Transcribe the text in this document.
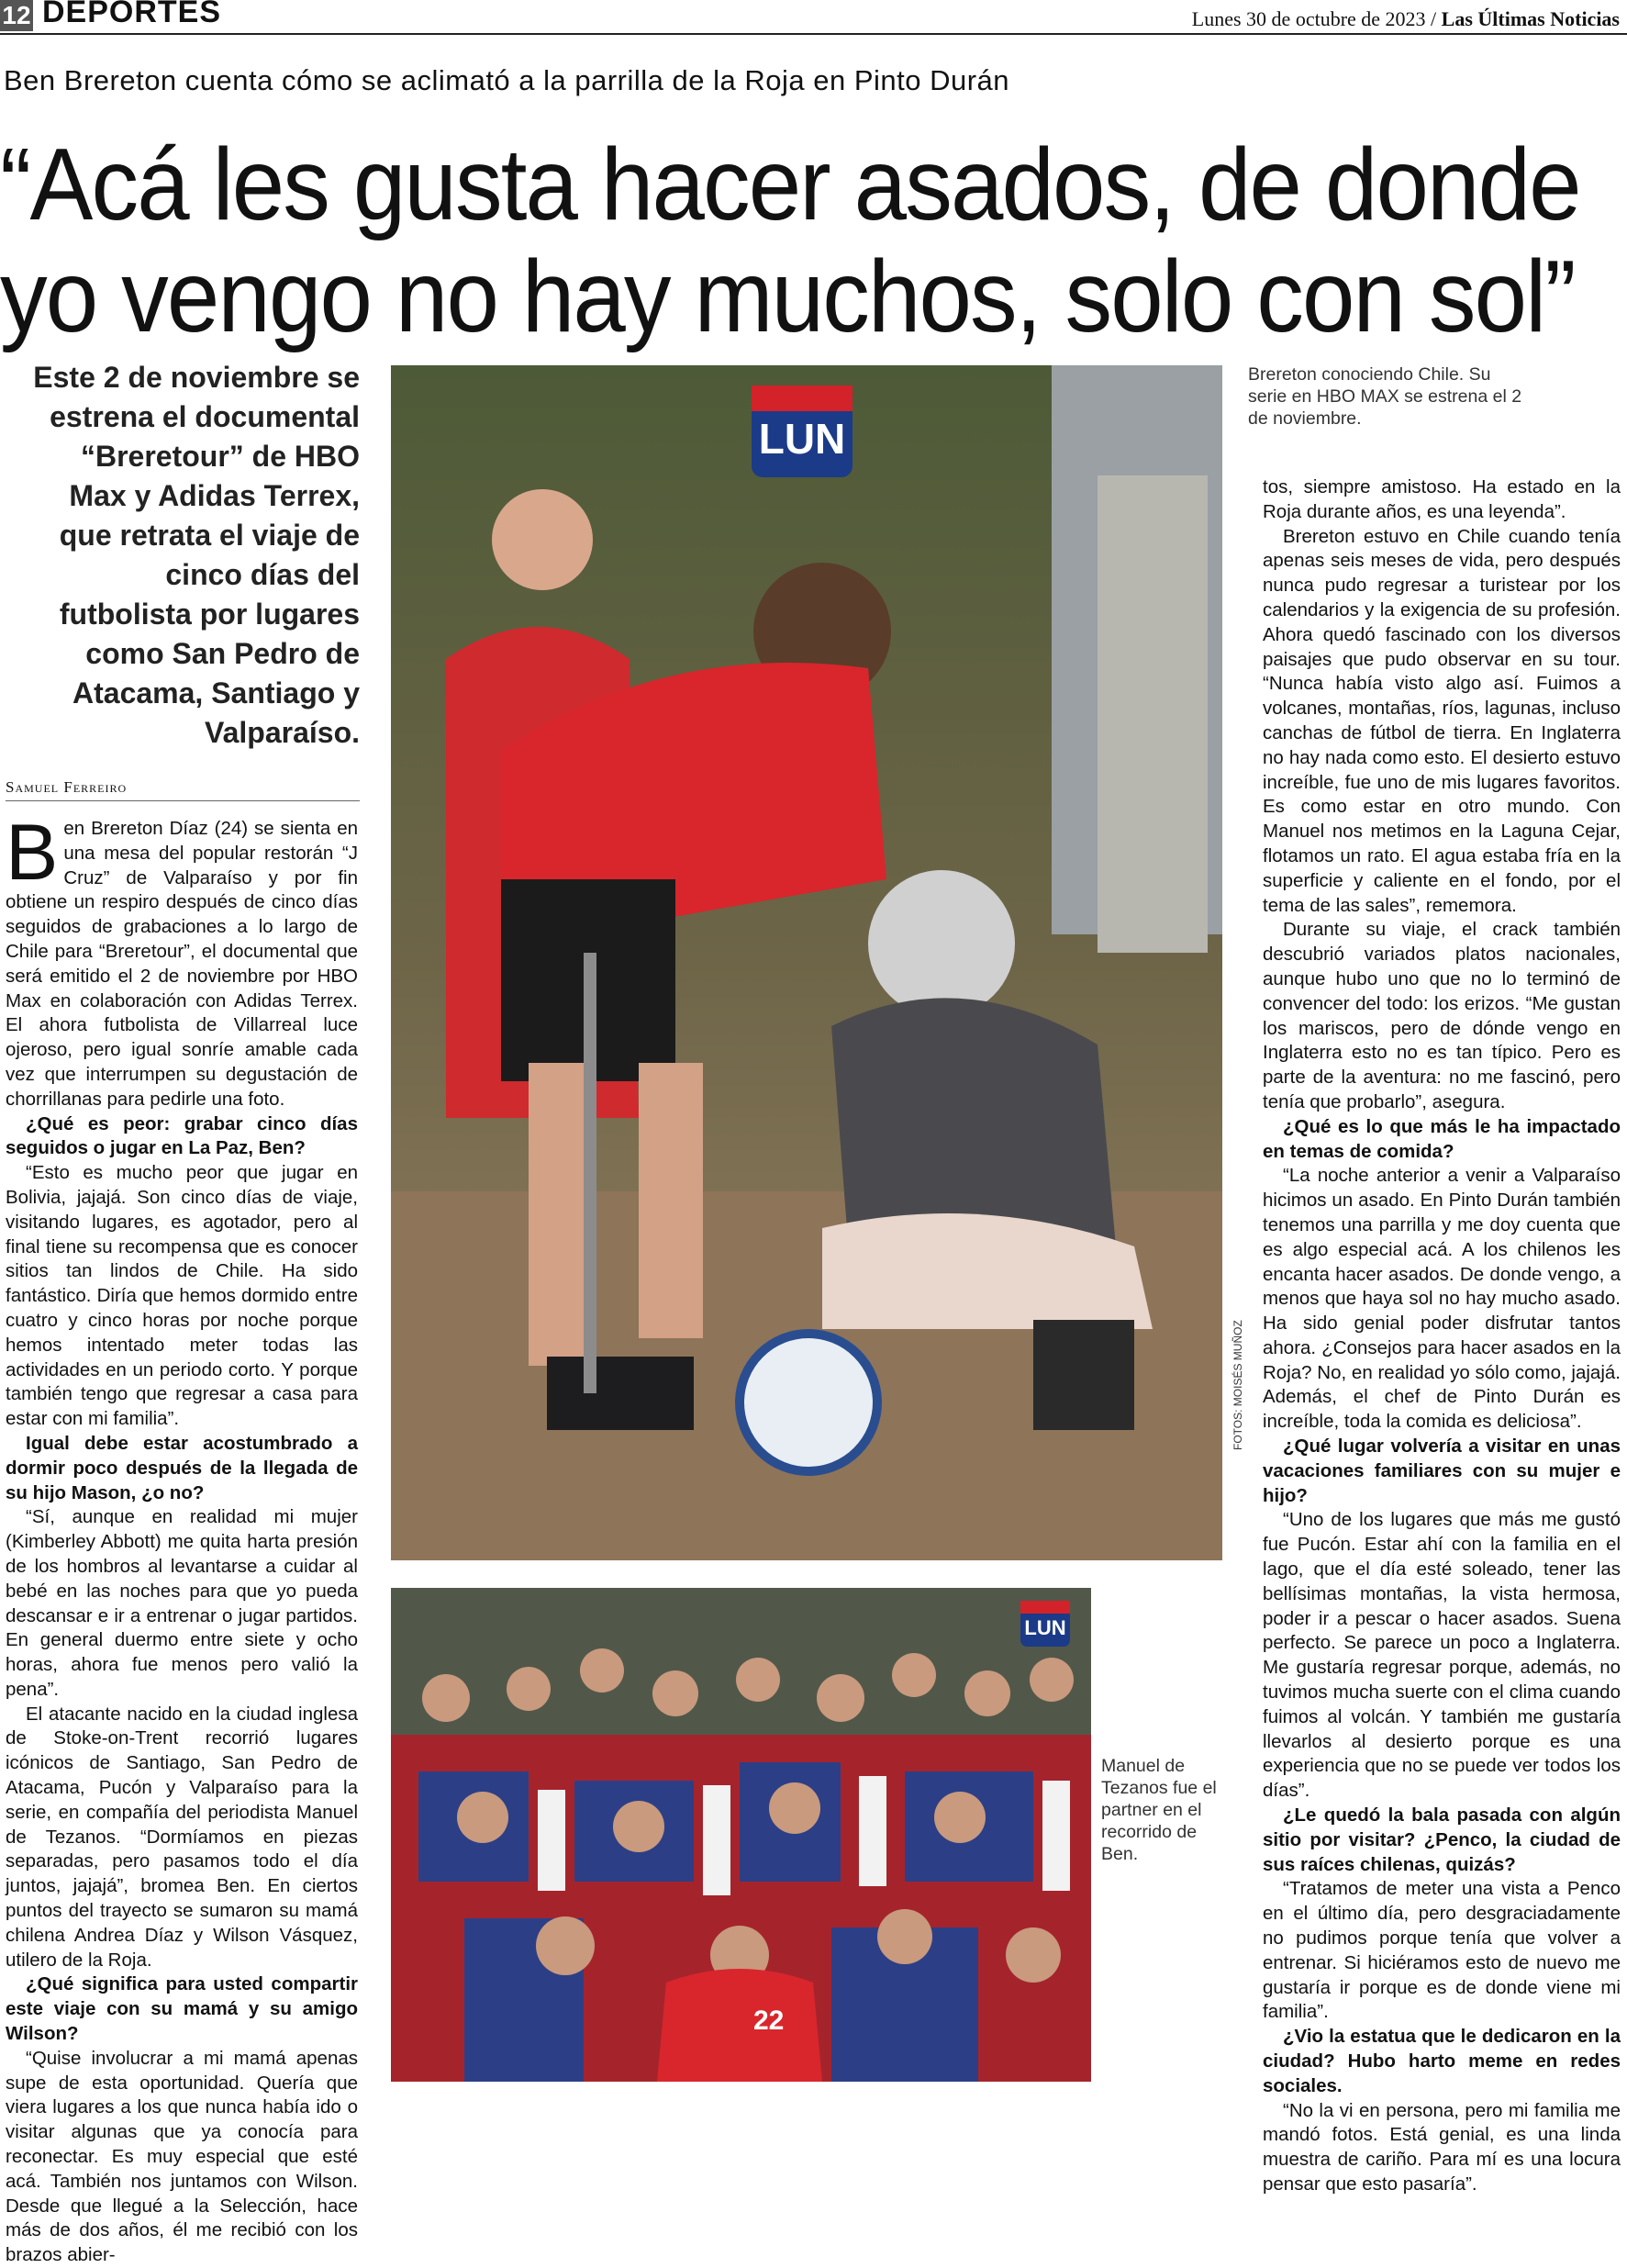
12 DEPORTES	Lunes 30 de octubre de 2023 / Las Últimas Noticias
Ben Brereton cuenta cómo se aclimató a la parrilla de la Roja en Pinto Durán
“Acá les gusta hacer asados, de donde
yo vengo no hay muchos, solo con sol”
Este 2 de noviembre se estrena el documental “Breretour” de HBO Max y Adidas Terrex, que retrata el viaje de cinco días del futbolista por lugares como San Pedro de Atacama, Santiago y Valparaíso.
Samuel Ferreiro
B en Brereton Díaz (24) se sienta en una mesa del popular restorán “J Cruz” de Valparaíso y por fin obtiene un respiro después de cinco días seguidos de grabaciones a lo largo de Chile para “Breretour”, el documental que será emitido el 2 de noviembre por HBO Max en colaboración con Adidas Terrex. El ahora futbolista de Villarreal luce ojeroso, pero igual sonríe amable cada vez que interrumpen su degustación de chorrillanas para pedirle una foto.

¿Qué es peor: grabar cinco días seguidos o jugar en La Paz, Ben?

“Esto es mucho peor que jugar en Bolivia, jajajá. Son cinco días de viaje, visitando lugares, es agotador, pero al final tiene su recompensa que es conocer sitios tan lindos de Chile. Ha sido fantástico. Diría que hemos dormido entre cuatro y cinco horas por noche porque hemos intentado meter todas las actividades en un periodo corto. Y porque también tengo que regresar a casa para estar con mi familia”.

Igual debe estar acostumbrado a dormir poco después de la llegada de su hijo Mason, ¿o no?

“Sí, aunque en realidad mi mujer (Kimberley Abbott) me quita harta presión de los hombros al levantarse a cuidar al bebé en las noches para que yo pueda descansar e ir a entrenar o jugar partidos. En general duermo entre siete y ocho horas, ahora fue menos pero valió la pena”.

El atacante nacido en la ciudad inglesa de Stoke-on-Trent recorrió lugares icónicos de Santiago, San Pedro de Atacama, Pucón y Valparaíso para la serie, en compañía del periodista Manuel de Tezanos. “Dormíamos en piezas separadas, pero pasamos todo el día juntos, jajajá”, bromea Ben. En ciertos puntos del trayecto se sumaron su mamá chilena Andrea Díaz y Wilson Vásquez, utilero de la Roja.

¿Qué significa para usted compartir este viaje con su mamá y su amigo Wilson?

“Quise involucrar a mi mamá apenas supe de esta oportunidad. Quería que viera lugares a los que nunca había ido o visitar algunas que ya conocía para reconectar. Es muy especial que esté acá. También nos juntamos con Wilson. Desde que llegué a la Selección, hace más de dos años, él me recibió con los brazos abier-

LUN
FOTOS: MOISÉS MUÑOZ
Brereton conociendo Chile. Su serie en HBO MAX se estrena el 2 de noviembre.
22
LUN
Manuel de Tezanos fue el partner en el recorrido de Ben.

tos, siempre amistoso. Ha estado en la Roja durante años, es una leyenda”.

Brereton estuvo en Chile cuando tenía apenas seis meses de vida, pero después nunca pudo regresar a turistear por los calendarios y la exigencia de su profesión. Ahora quedó fascinado con los diversos paisajes que pudo observar en su tour. “Nunca había visto algo así. Fuimos a volcanes, montañas, ríos, lagunas, incluso canchas de fútbol de tierra. En Inglaterra no hay nada como esto. El desierto estuvo increíble, fue uno de mis lugares favoritos. Es como estar en otro mundo. Con Manuel nos metimos en la Laguna Cejar, flotamos un rato. El agua estaba fría en la superficie y caliente en el fondo, por el tema de las sales”, rememora.

Durante su viaje, el crack también descubrió variados platos nacionales, aunque hubo uno que no lo terminó de convencer del todo: los erizos. “Me gustan los mariscos, pero de dónde vengo en Inglaterra esto no es tan típico. Pero es parte de la aventura: no me fascinó, pero tenía que probarlo”, asegura.

¿Qué es lo que más le ha impactado en temas de comida?

“La noche anterior a venir a Valparaíso hicimos un asado. En Pinto Durán también tenemos una parrilla y me doy cuenta que es algo especial acá. A los chilenos les encanta hacer asados. De donde vengo, a menos que haya sol no hay mucho asado. Ha sido genial poder disfrutar tantos ahora. ¿Consejos para hacer asados en la Roja? No, en realidad yo sólo como, jajajá. Además, el chef de Pinto Durán es increíble, toda la comida es deliciosa”.

¿Qué lugar volvería a visitar en unas vacaciones familiares con su mujer e hijo?

“Uno de los lugares que más me gustó fue Pucón. Estar ahí con la familia en el lago, que el día esté soleado, tener las bellísimas montañas, la vista hermosa, poder ir a pescar o hacer asados. Suena perfecto. Se parece un poco a Inglaterra. Me gustaría regresar porque, además, no tuvimos mucha suerte con el clima cuando fuimos al volcán. Y también me gustaría llevarlos al desierto porque es una experiencia que no se puede ver todos los días”.

¿Le quedó la bala pasada con algún sitio por visitar? ¿Penco, la ciudad de sus raíces chilenas, quizás?

“Tratamos de meter una vista a Penco en el último día, pero desgraciadamente no pudimos porque tenía que volver a entrenar. Si hiciéramos esto de nuevo me gustaría ir porque es de donde viene mi familia”.

¿Vio la estatua que le dedicaron en la ciudad? Hubo harto meme en redes sociales.

“No la vi en persona, pero mi familia me mandó fotos. Está genial, es una linda muestra de cariño. Para mí es una locura pensar que esto pasaría”.
